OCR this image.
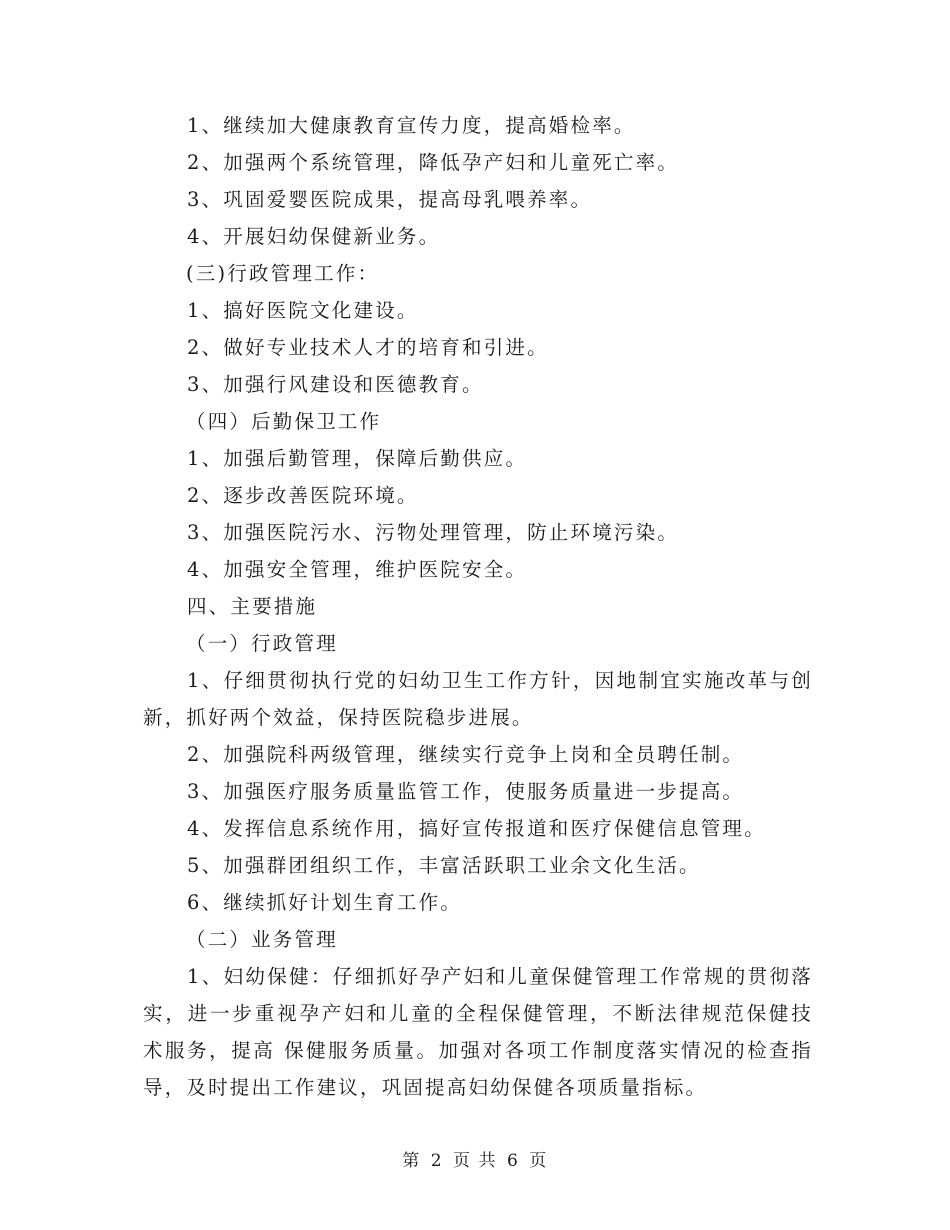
1、继续加大健康教育宣传力度，提高婚检率。
2、加强两个系统管理，降低孕产妇和儿童死亡率。
3、巩固爱婴医院成果，提高母乳喂养率。
4、开展妇幼保健新业务。
(三)行政管理工作：
1、搞好医院文化建设。
2、做好专业技术人才的培育和引进。
3、加强行风建设和医德教育。
（四）后勤保卫工作
1、加强后勤管理，保障后勤供应。
2、逐步改善医院环境。
3、加强医院污水、污物处理管理，防止环境污染。
4、加强安全管理，维护医院安全。
四、主要措施
（一）行政管理
1、仔细贯彻执行党的妇幼卫生工作方针，因地制宜实施改革与创新，抓好两个效益，保持医院稳步进展。
2、加强院科两级管理，继续实行竞争上岗和全员聘任制。
3、加强医疗服务质量监管工作，使服务质量进一步提高。
4、发挥信息系统作用，搞好宣传报道和医疗保健信息管理。
5、加强群团组织工作，丰富活跃职工业余文化生活。
6、继续抓好计划生育工作。
（二）业务管理
1、妇幼保健：仔细抓好孕产妇和儿童保健管理工作常规的贯彻落实，进一步重视孕产妇和儿童的全程保健管理，不断法律规范保健技术服务，提高 保健服务质量。加强对各项工作制度落实情况的检查指导，及时提出工作建议，巩固提高妇幼保健各项质量指标。
第 2 页 共 6 页
